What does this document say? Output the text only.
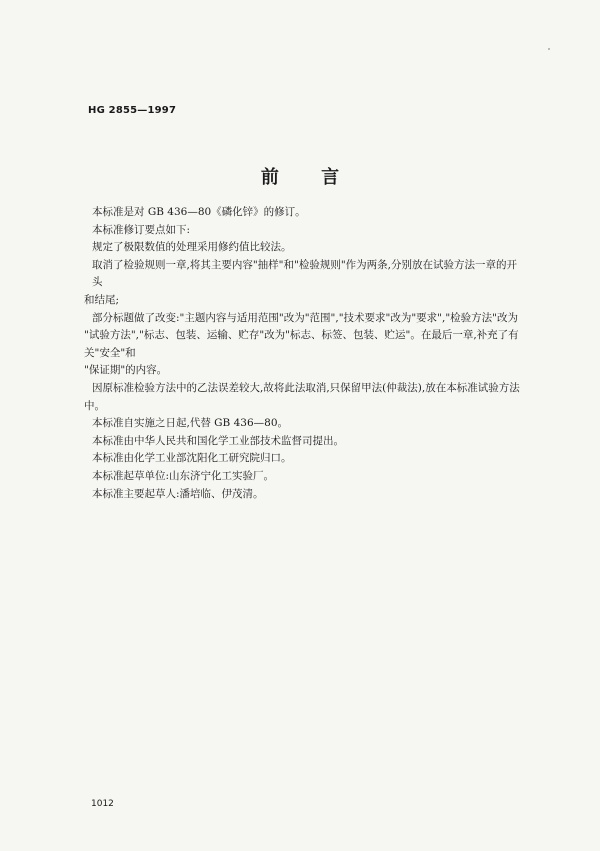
HG 2855—1997
前 言
本标准是对 GB 436—80《磷化锌》的修订。
本标准修订要点如下:
规定了极限数值的处理采用修约值比较法。
取消了检验规则一章,将其主要内容"抽样"和"检验规则"作为两条,分别放在试验方法一章的开头
和结尾;
部分标题做了改变:"主题内容与适用范围"改为"范围","技术要求"改为"要求","检验方法"改为
"试验方法","标志、包装、运输、贮存"改为"标志、标签、包装、贮运"。在最后一章,补充了有关"安全"和
"保证期"的内容。
因原标准检验方法中的乙法误差较大,故将此法取消,只保留甲法(仲裁法),放在本标准试验方法
中。
本标准自实施之日起,代替 GB 436—80。
本标准由中华人民共和国化学工业部技术监督司提出。
本标准由化学工业部沈阳化工研究院归口。
本标准起草单位:山东济宁化工实验厂。
本标准主要起草人:潘培临、伊茂清。
1012
